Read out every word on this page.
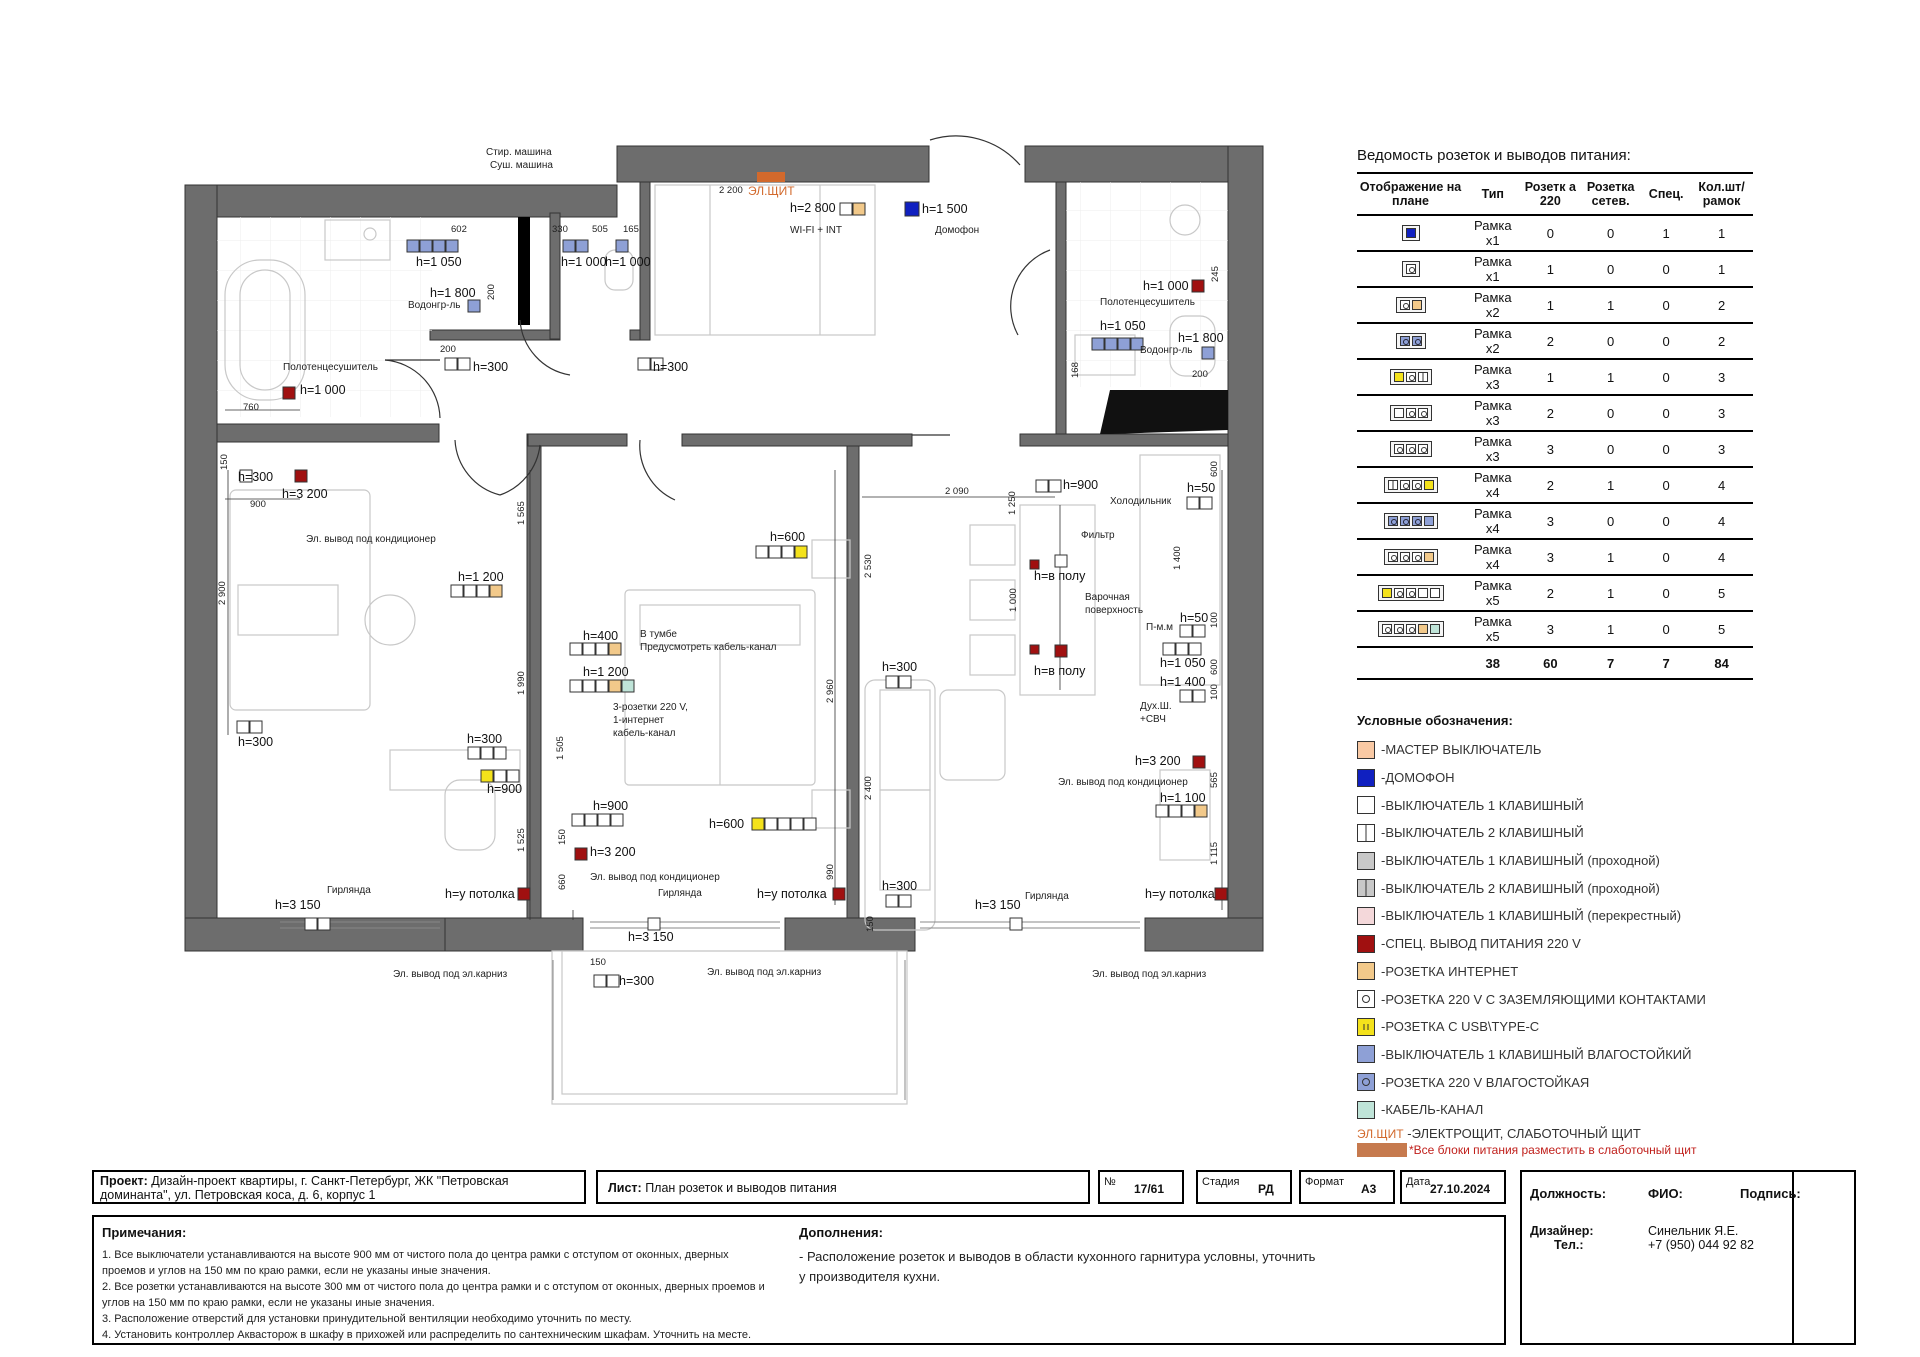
Стир. машина
Суш. машина
ЭЛ.ЩИТ
WI-FI + INT	Домофон
Водонгр-ль
Полотенцесушитель
Полотенцесушитель
Водонгр-ль
Эл. вывод под кондиционер
Эл. вывод под кондиционер
Эл. вывод под кондиционер
В тумбе
Предусмотреть кабель-канал
3-розетки 220 V,
1-интернет
кабель-канал
Холодильник
Фильтр
Варочная
поверхность
П-м.м
Дух.Ш.
+СВЧ
Гирлянда	Гирлянда	Гирлянда
Эл. вывод под эл.карниз	Эл. вывод под эл.карниз	Эл. вывод под эл.карниз
h=1 050	h=1 000
h=1 000
h=1 800
h=300	h=300
h=1 000
h=2 800	h=1 500
h=1 000
h=1 050
h=1 800
h=300
h=3 200
h=1 200
h=300	h=300
h=900
h=у потолка
h=3 150
h=600
h=400
h=1 200
h=900
h=3 200
h=600
h=у потолка
h=3 150
h=300
h=900	h=50
h=в полу
h=в полу
h=50
h=1 050
h=1 400
h=3 200
h=1 100
h=300
h=300
h=3 150
h=у потолка
602	330	505 165
2 200
200
200
760
150
900
2 900
1 565
1 990
1 505
1 525	150
660
150
2 090	1 250
2 530
2 960
2 400
990
150
1 000
245
168	200
600
1 400
100
600
100
565
1 115
Ведомость розеток и выводов питания:
Отображение на плане	Тип	Розетк а 220	Розетка сетев.	Спец.	Кол.шт/ рамок

	Рамка x1	0	0	1	1

	Рамка x1	1	0	0	1

	Рамка x2	1	1	0	2

	Рамка x2	2	0	0	2

	Рамка x3	1	1	0	3

	Рамка x3	2	0	0	3

	Рамка x3	3	0	0	3

	Рамка x4	2	1	0	4

	Рамка x4	3	0	0	4

	Рамка x4	3	1	0	4

	Рамка x5	2	1	0	5

	Рамка x5	3	1	0	5
	38	60	7	7	84
Условные обозначения:
-МАСТЕР ВЫКЛЮЧАТЕЛЬ
-ДОМОФОН
-ВЫКЛЮЧАТЕЛЬ 1 КЛАВИШНЫЙ
-ВЫКЛЮЧАТЕЛЬ 2 КЛАВИШНЫЙ
-ВЫКЛЮЧАТЕЛЬ 1 КЛАВИШНЫЙ (проходной)
-ВЫКЛЮЧАТЕЛЬ 2 КЛАВИШНЫЙ (проходной)
-ВЫКЛЮЧАТЕЛЬ 1 КЛАВИШНЫЙ (перекрестный)
-СПЕЦ. ВЫВОД ПИТАНИЯ 220 V
-РОЗЕТКА ИНТЕРНЕТ
-РОЗЕТКА 220 V С ЗАЗЕМЛЯЮЩИМИ КОНТАКТАМИ
-РОЗЕТКА С USB\TYPE-C
-ВЫКЛЮЧАТЕЛЬ 1 КЛАВИШНЫЙ ВЛАГОСТОЙКИЙ
-РОЗЕТКА 220 V ВЛАГОСТОЙКАЯ
-КАБЕЛЬ-КАНАЛ
ЭЛ.ЩИТ -ЭЛЕКТРОЩИТ, СЛАБОТОЧНЫЙ ЩИТ
*Все блоки питания разместить в слаботочный щит
Проект: Дизайн-проект квартиры, г. Санкт-Петербург, ЖК "Петровская
доминанта", ул. Петровская коса, д. 6, корпус 1	Лист: План розеток и выводов питания	№ 17/61	Стадия РД	Формат А3	Дата 27.10.2024
Примечания:
1. Все выключатели устанавливаются на высоте 900 мм от чистого пола до центра рамки с отступом от оконных, дверных
проемов и углов на 150 мм по краю рамки, если не указаны иные значения.
2. Все розетки устанавливаются на высоте 300 мм от чистого пола до центра рамки и с отступом от оконных, дверных проемов и
углов на 150 мм по краю рамки, если не указаны иные значения.
3. Расположение отверстий для установки принудительной вентиляции необходимо уточнить по месту.
4. Установить контроллер Аквасторож в шкафу в прихожей или распределить по сантехническим шкафам. Уточнить на месте.
Дополнения:
- Расположение розеток и выводов в области кухонного гарнитура условны, уточнить
у производителя кухни.
Должность:	ФИО:	Подпись:
Дизайнер:
Тел.:
Синельник Я.Е.
+7 (950) 044 92 82
